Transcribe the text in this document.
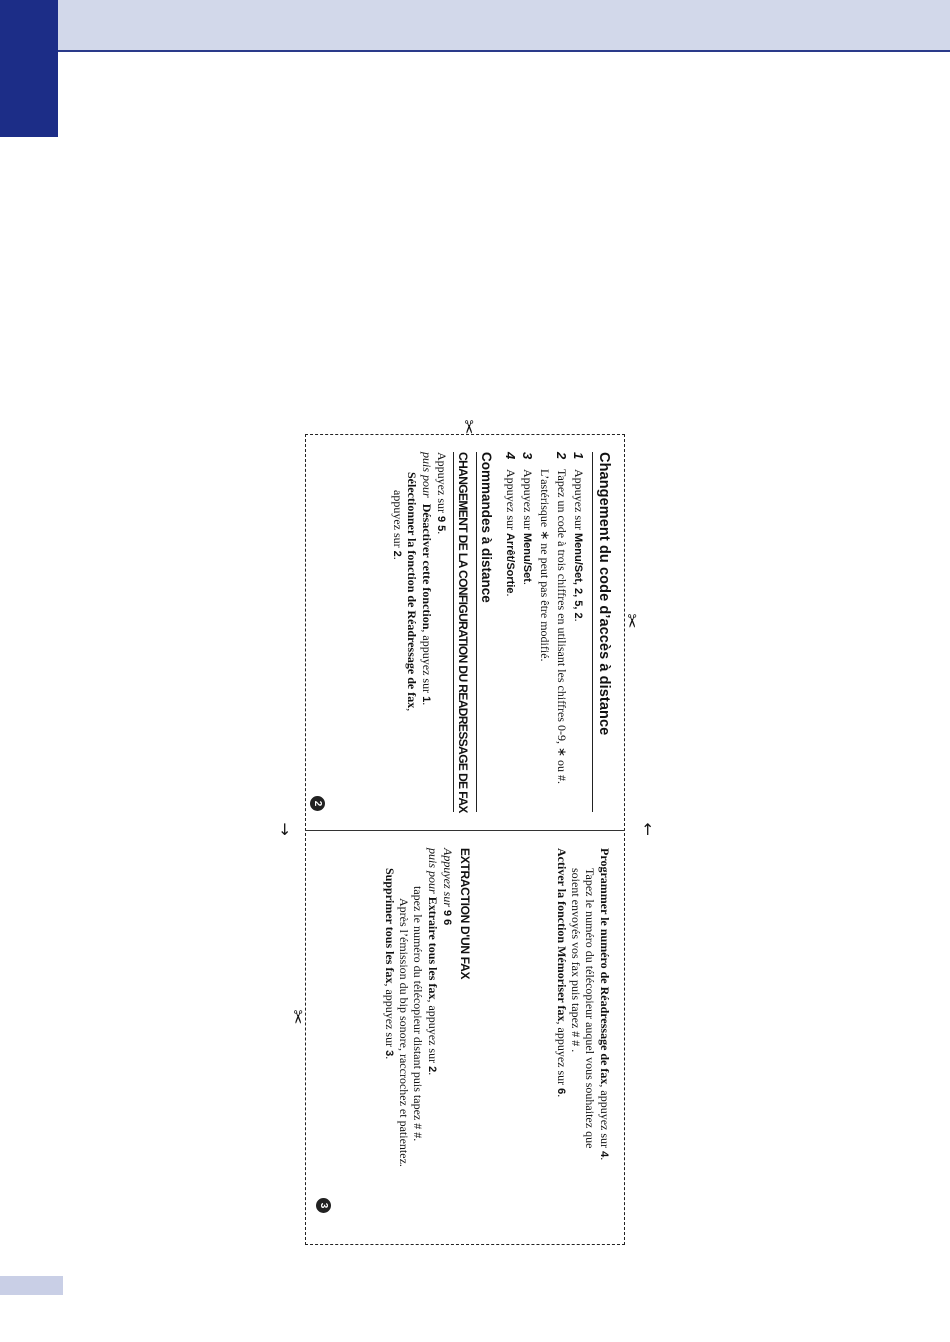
↓	↑
✂
✂
✂
Changement du code d’accès à distance
1
Appuyez sur Menu/Set, 2, 5, 2.
2
Tapez un code à trois chiffres en utilisant les chiffres 0-9, ∗ ou #.
L’astérisque ∗ ne peut pas être modifié.
3
Appuyez sur Menu/Set.
4
Appuyez sur Arrêt/Sortie.
Commandes à distance
CHANGEMENT DE LA CONFIGURATION DU READRESSAGE DE FAX
Appuyez sur 9 5.
puis pour  Désactiver cette fonction, appuyez sur 1.
Sélectionner la fonction de Réadressage de fax,
appuyez sur 2.
2
Programmer le numéro de Réadressage de fax, appuyez sur 4.
Tapez le numéro du télécopieur auquel vous souhaitez que
soient envoyés vos fax puis tapez # # .
Activer la fonction Mémoriser fax, appuyez sur 6.
EXTRACTION D'UN FAX
Appuyez sur 9 6
puis pour Extraire tous les fax, appuyez sur 2.
tapez le numéro du télécopieur distant puis tapez # #.
Après l’émission du bip sonore, raccrochez et patientez.
Supprimer tous les fax, appuyez sur 3.
3
